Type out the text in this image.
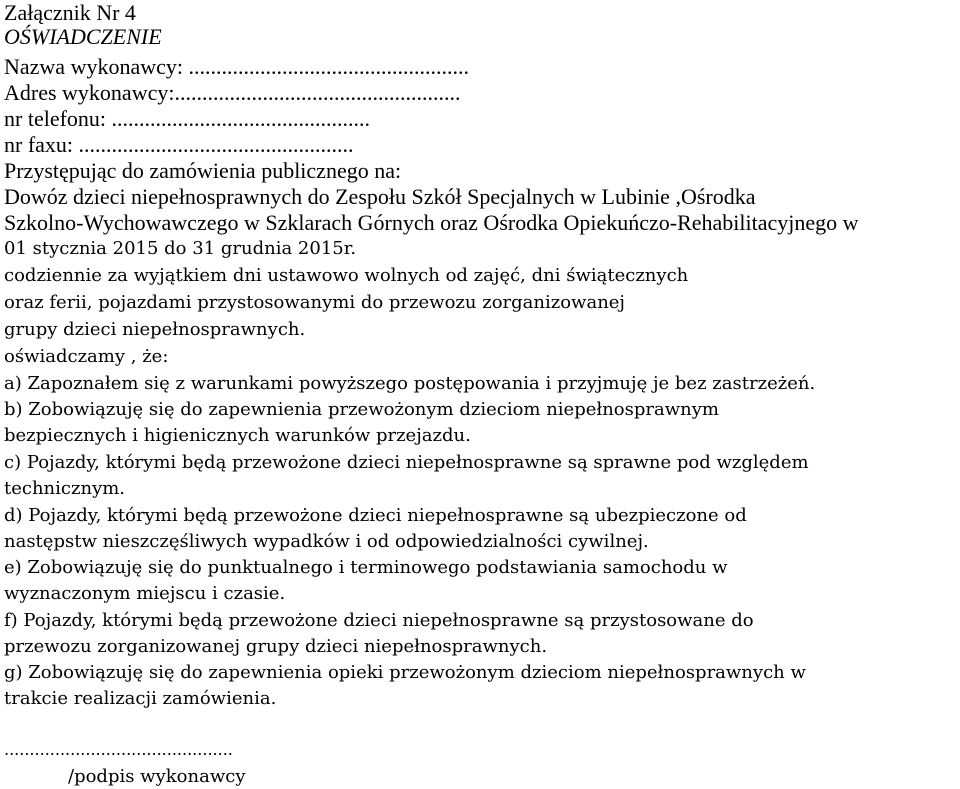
Załącznik Nr 4
OŚWIADCZENIE
Nazwa wykonawcy: ...................................................
Adres wykonawcy:....................................................
nr telefonu: ...............................................
nr faxu: ..................................................
Przystępując do zamówienia publicznego na:
Dowóz dzieci niepełnosprawnych do Zespołu Szkół Specjalnych w Lubinie ,Ośrodka
Szkolno-Wychowawczego w Szklarach Górnych oraz Ośrodka Opiekuńczo-Rehabilitacyjnego w
01 stycznia 2015 do 31 grudnia 2015r.
codziennie za wyjątkiem dni ustawowo wolnych od zajęć, dni świątecznych
oraz ferii, pojazdami przystosowanymi do przewozu zorganizowanej
grupy dzieci niepełnosprawnych.
oświadczamy , że:
a) Zapoznałem się z warunkami powyższego postępowania i przyjmuję je bez zastrzeżeń.
b) Zobowiązuję się do zapewnienia przewożonym dzieciom niepełnosprawnym
bezpiecznych i higienicznych warunków przejazdu.
c) Pojazdy, którymi będą przewożone dzieci niepełnosprawne są sprawne pod względem
technicznym.
d) Pojazdy, którymi będą przewożone dzieci niepełnosprawne są ubezpieczone od
następstw nieszczęśliwych wypadków i od odpowiedzialności cywilnej.
e) Zobowiązuję się do punktualnego i terminowego podstawiania samochodu w
wyznaczonym miejscu i czasie.
f) Pojazdy, którymi będą przewożone dzieci niepełnosprawne są przystosowane do
przewozu zorganizowanej grupy dzieci niepełnosprawnych.
g) Zobowiązuję się do zapewnienia opieki przewożonym dzieciom niepełnosprawnych w
trakcie realizacji zamówienia.
.............................................
/podpis wykonawcy
